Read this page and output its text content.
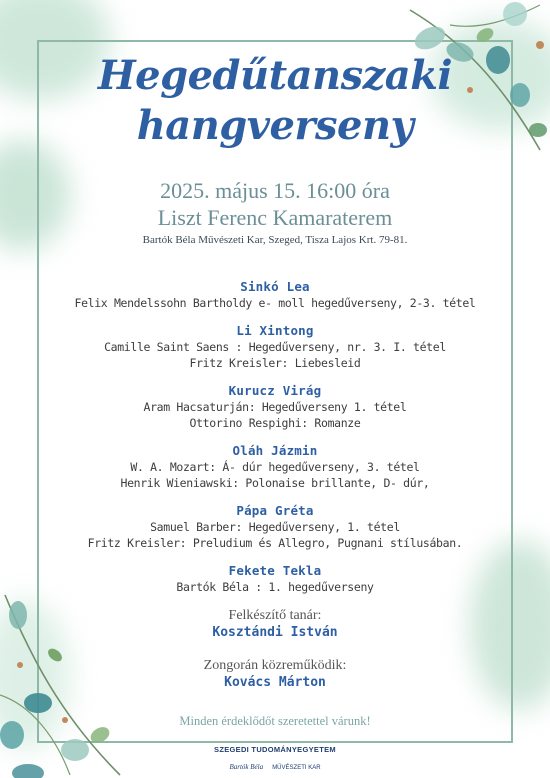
Hegedűtanszaki
hangverseny
2025. május 15. 16:00 óra
Liszt Ferenc Kamaraterem
Bartók Béla Művészeti Kar, Szeged, Tisza Lajos Krt. 79-81.
Sinkó Lea
Felix Mendelssohn Bartholdy e- moll hegedűverseny, 2-3. tétel
Li Xintong
Camille Saint Saens : Hegedűverseny, nr. 3. I. tétel
Fritz Kreisler: Liebesleid
Kurucz Virág
Aram Hacsaturján: Hegedűverseny 1. tétel
Ottorino Respighi: Romanze
Oláh Jázmin
W. A. Mozart: Á- dúr hegedűverseny, 3. tétel
Henrik Wieniawski: Polonaise brillante, D- dúr,
Pápa Gréta
Samuel Barber: Hegedűverseny, 1. tétel
Fritz Kreisler: Preludium és Allegro, Pugnani stílusában.
Fekete Tekla
Bartók Béla : 1. hegedűverseny
Felkészítő tanár:
Kosztándi István
Zongorán közreműködik:
Kovács Márton
Minden érdeklődőt szeretettel várunk!
SZEGEDI TUDOMÁNYEGYETEM
Bartók Béla MŰVÉSZETI KAR
